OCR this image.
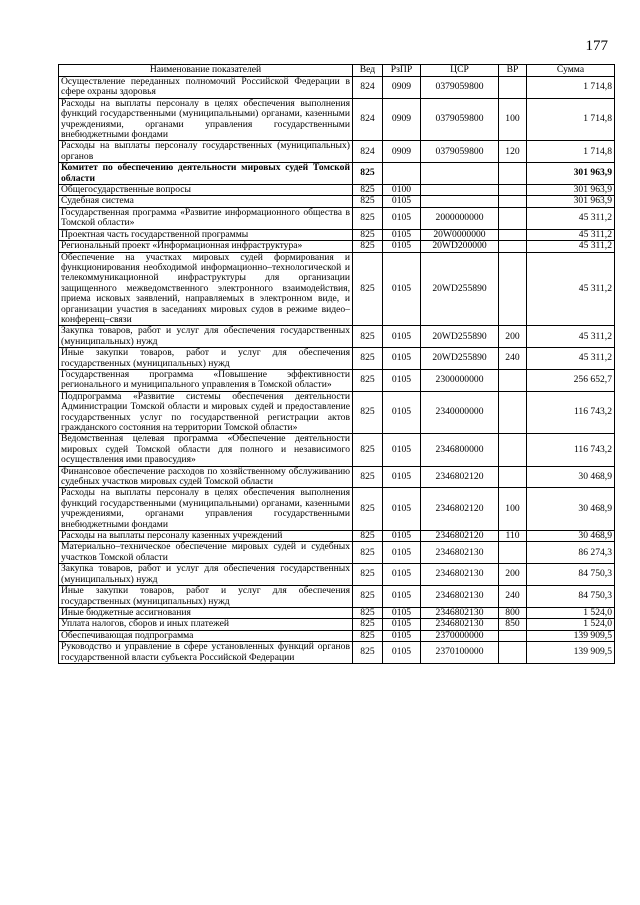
177
Наименование показателей	Вед	РзПР	ЦСР	ВР	Сумма
Осуществление переданных полномочий Российской Федерации в сфере охраны здоровья	824	0909	0379059800		1 714,8
Расходы на выплаты персоналу в целях обеспечения выполнения функций государственными (муниципальными) органами, казенными учреждениями, органами управления государственными внебюджетными фондами	824	0909	0379059800	100	1 714,8
Расходы на выплаты персоналу государственных (муниципальных) органов	824	0909	0379059800	120	1 714,8
Комитет по обеспечению деятельности мировых судей Томской области	825				301 963,9
Общегосударственные вопросы	825	0100			301 963,9
Судебная система	825	0105			301 963,9
Государственная программа «Развитие информационного общества в Томской области»	825	0105	2000000000		45 311,2
Проектная часть государственной программы	825	0105	20W0000000		45 311,2
Региональный проект «Информационная инфраструктура»	825	0105	20WD200000		45 311,2
Обеспечение на участках мировых судей формирования и функционирования необходимой информационно–технологической и телекоммуникационной инфраструктуры для организации защищенного межведомственного электронного взаимодействия, приема исковых заявлений, направляемых в электронном виде, и организации участия в заседаниях мировых судов в режиме видео–конференц–связи	825	0105	20WD255890		45 311,2
Закупка товаров, работ и услуг для обеспечения государственных (муниципальных) нужд	825	0105	20WD255890	200	45 311,2
Иные закупки товаров, работ и услуг для обеспечения государственных (муниципальных) нужд	825	0105	20WD255890	240	45 311,2
Государственная программа «Повышение эффективности регионального и муниципального управления в Томской области»	825	0105	2300000000		256 652,7
Подпрограмма «Развитие системы обеспечения деятельности Администрации Томской области и мировых судей и предоставление государственных услуг по государственной регистрации актов гражданского состояния на территории Томской области»	825	0105	2340000000		116 743,2
Ведомственная целевая программа «Обеспечение деятельности мировых судей Томской области для полного и независимого осуществления ими правосудия»	825	0105	2346800000		116 743,2
Финансовое обеспечение расходов по хозяйственному обслуживанию судебных участков мировых судей Томской области	825	0105	2346802120		30 468,9
Расходы на выплаты персоналу в целях обеспечения выполнения функций государственными (муниципальными) органами, казенными учреждениями, органами управления государственными внебюджетными фондами	825	0105	2346802120	100	30 468,9
Расходы на выплаты персоналу казенных учреждений	825	0105	2346802120	110	30 468,9
Материально–техническое обеспечение мировых судей и судебных участков Томской области	825	0105	2346802130		86 274,3
Закупка товаров, работ и услуг для обеспечения государственных (муниципальных) нужд	825	0105	2346802130	200	84 750,3
Иные закупки товаров, работ и услуг для обеспечения государственных (муниципальных) нужд	825	0105	2346802130	240	84 750,3
Иные бюджетные ассигнования	825	0105	2346802130	800	1 524,0
Уплата налогов, сборов и иных платежей	825	0105	2346802130	850	1 524,0
Обеспечивающая подпрограмма	825	0105	2370000000		139 909,5
Руководство и управление в сфере установленных функций органов государственной власти субъекта Российской Федерации	825	0105	2370100000		139 909,5
